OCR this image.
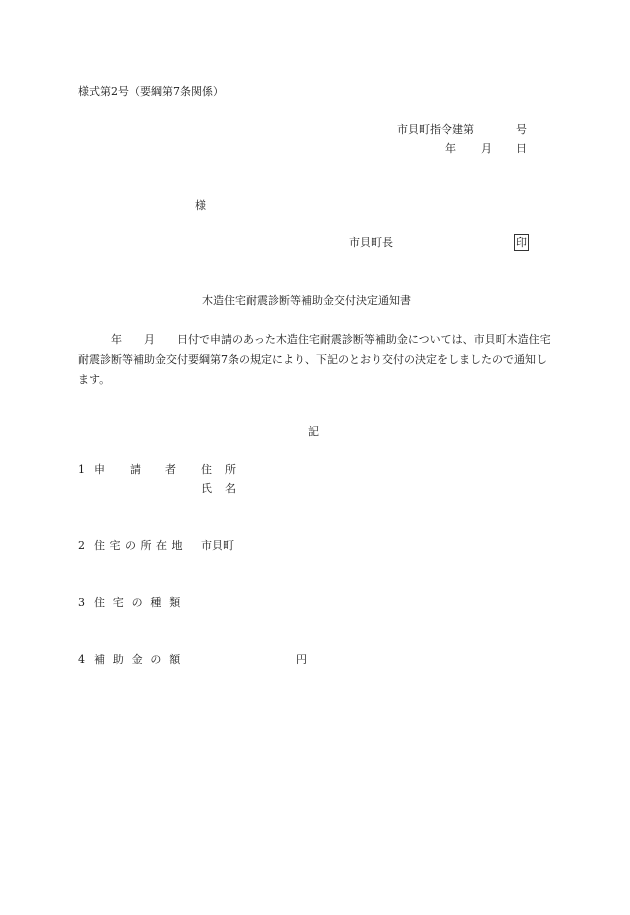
様式第2号（要綱第7条関係）
市貝町指令建第	号
年 月 日
様
市貝町長	印
木造住宅耐震診断等補助金交付決定通知書
年 月 日付で申請のあった木造住宅耐震診断等補助金については、市貝町木造住宅耐震診断等補助金交付要綱第7条の規定により、下記のとおり交付の決定をしましたので通知します。
記
1 申 請 者 住 所
氏 名
2 住 宅 の 所 在 地 市貝町
3 住　宅　の　種　類
4 補　助　金　の　額	円
